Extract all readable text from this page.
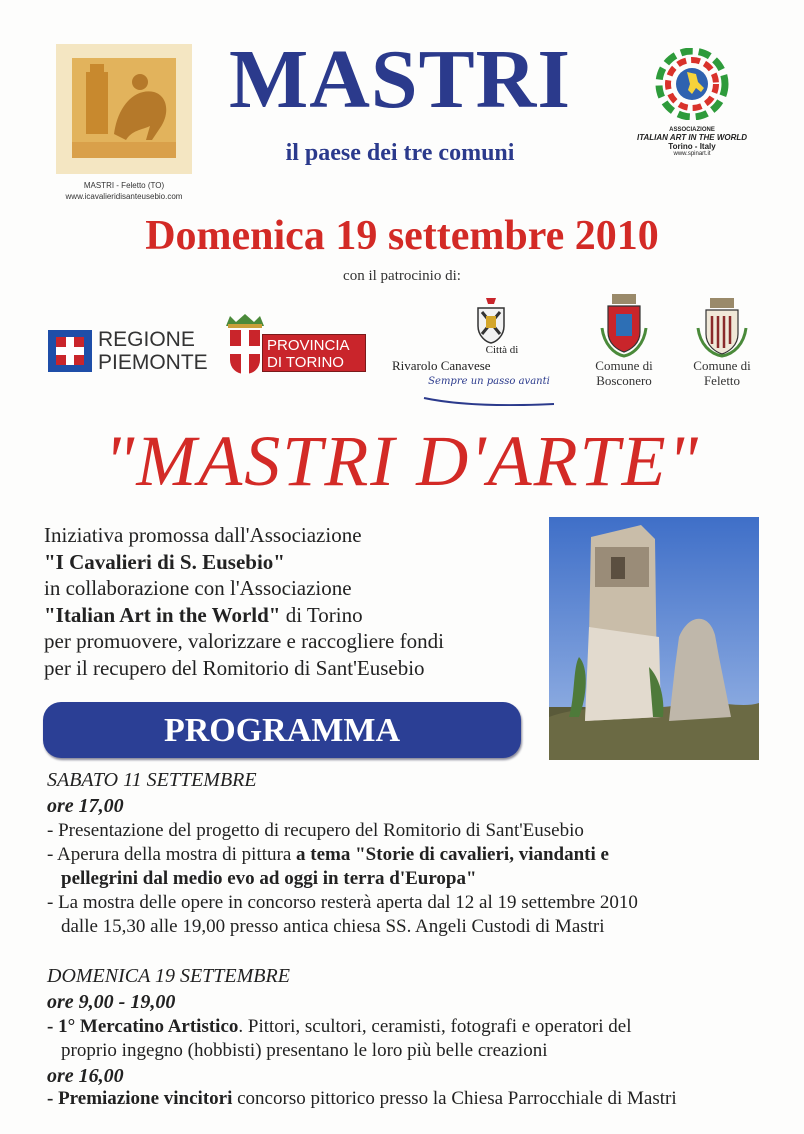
MASTRI - Feletto (TO)
www.icavalieridisanteusebio.com
MASTRI
il paese dei tre comuni
ASSOCIAZIONE
ITALIAN ART IN THE WORLD
Torino - Italy
www.spinart.it
Domenica 19 settembre 2010
con il patrocinio di:
REGIONE
PIEMONTE
PROVINCIA
DI TORINO
Città di
Rivarolo Canavese
Sempre un passo avanti
Comune di
Bosconero
Comune di
Feletto
"MASTRI D'ARTE"
Iniziativa promossa dall'Associazione
"I Cavalieri di S. Eusebio"
in collaborazione con l'Associazione
"Italian Art in the World" di Torino
per promuovere, valorizzare e raccogliere fondi
per il recupero del Romitorio di Sant'Eusebio
PROGRAMMA
SABATO 11 SETTEMBRE
ore 17,00
- Presentazione del progetto di recupero del Romitorio di Sant'Eusebio
- Aperura della mostra di pittura a tema "Storie di cavalieri, viandanti e
pellegrini dal medio evo ad oggi in terra d'Europa"
- La mostra delle opere in concorso resterà aperta dal 12 al 19 settembre 2010
dalle 15,30 alle 19,00 presso antica chiesa SS. Angeli Custodi di Mastri
DOMENICA 19 SETTEMBRE
ore 9,00 - 19,00
- 1° Mercatino Artistico. Pittori, scultori, ceramisti, fotografi e operatori del
proprio ingegno (hobbisti) presentano le loro più belle creazioni
ore 16,00
- Premiazione vincitori concorso pittorico presso la Chiesa Parrocchiale di Mastri
